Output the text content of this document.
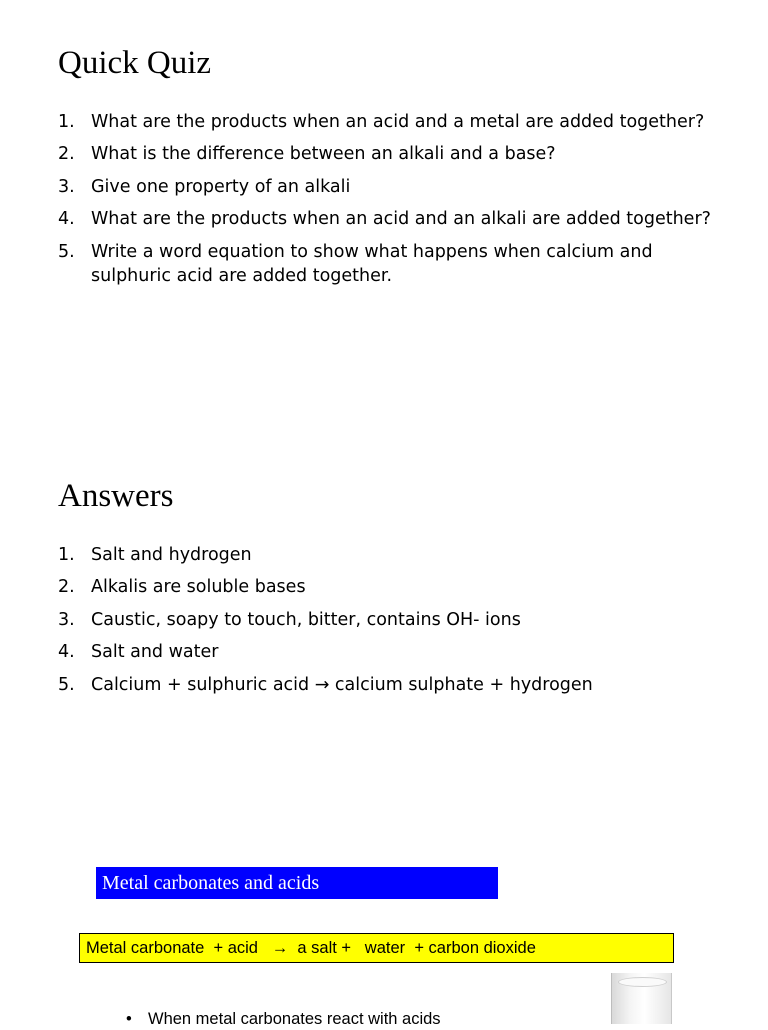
Quick Quiz
1. What are the products when an acid and a metal are added together?
2. What is the difference between an alkali and a base?
3. Give one property of an alkali
4. What are the products when an acid and an alkali are added together?
5. Write a word equation to show what happens when calcium and sulphuric acid are added together.
Answers
1. Salt and hydrogen
2. Alkalis are soluble bases
3. Caustic, soapy to touch, bitter, contains OH- ions
4. Salt and water
5. Calcium + sulphuric acid → calcium sulphate + hydrogen
Metal carbonates and acids
Metal carbonate  + acid   →  a salt +   water  + carbon dioxide
• When metal carbonates react with acids
